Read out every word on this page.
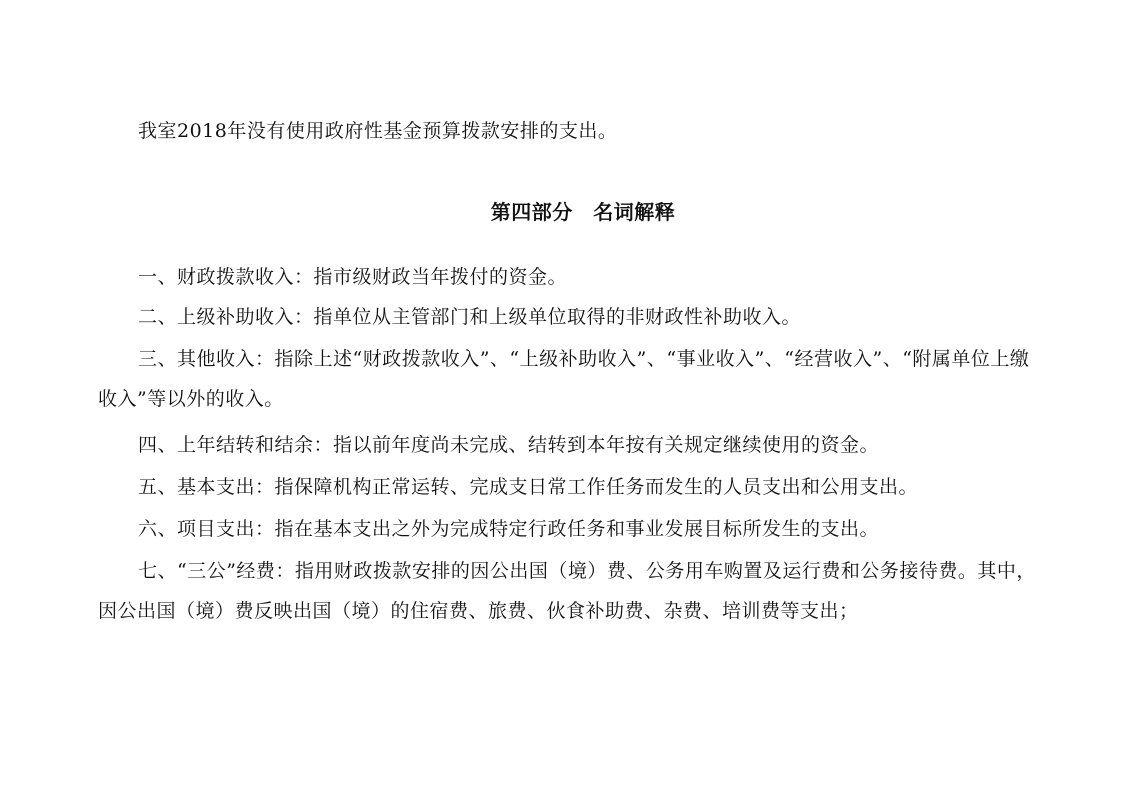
我室2018年没有使用政府性基金预算拨款安排的支出。

第四部分　名词解释

一、财政拨款收入：指市级财政当年拨付的资金。

二、上级补助收入：指单位从主管部门和上级单位取得的非财政性补助收入。

三、其他收入：指除上述“财政拨款收入”、“上级补助收入”、“事业收入”、“经营收入”、“附属单位上缴收入”等以外的收入。

四、上年结转和结余：指以前年度尚未完成、结转到本年按有关规定继续使用的资金。

五、基本支出：指保障机构正常运转、完成支日常工作任务而发生的人员支出和公用支出。

六、项目支出：指在基本支出之外为完成特定行政任务和事业发展目标所发生的支出。

七、“三公”经费：指用财政拨款安排的因公出国（境）费、公务用车购置及运行费和公务接待费。其中，因公出国（境）费反映出国（境）的住宿费、旅费、伙食补助费、杂费、培训费等支出；
